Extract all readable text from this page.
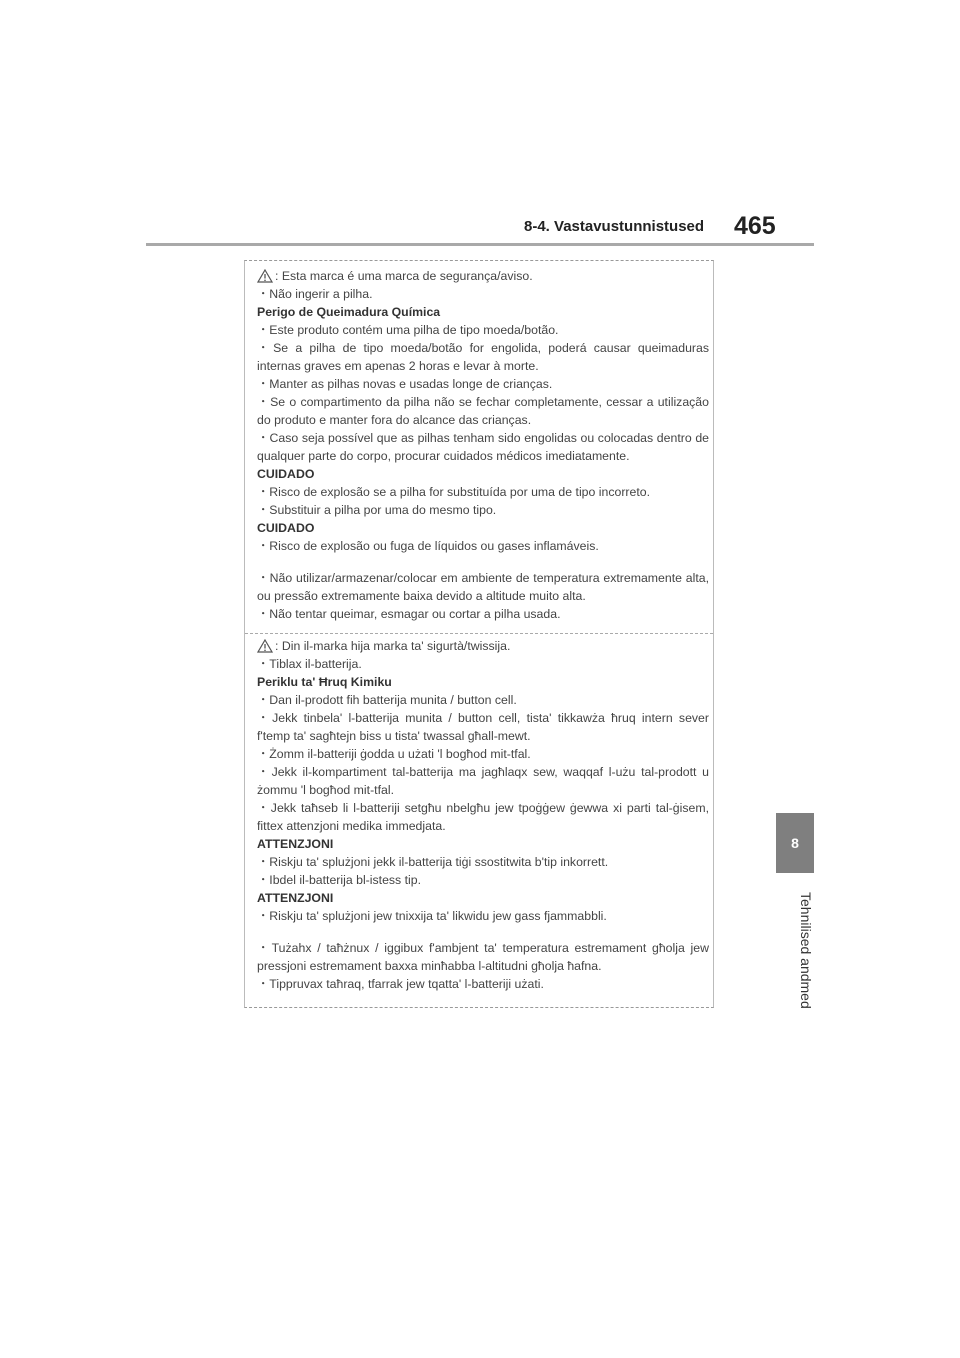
8-4. Vastavustunnistused 465
8
Tehnilised andmed

: Esta marca é uma marca de segurança/aviso.

・Não ingerir a pilha.

Perigo de Queimadura Química

・Este produto contém uma pilha de tipo moeda/botão.

・Se a pilha de tipo moeda/botão for engolida, poderá causar queimaduras internas graves em apenas 2 horas e levar à morte.

・Manter as pilhas novas e usadas longe de crianças.

・Se o compartimento da pilha não se fechar completamente, cessar a utilização do produto e manter fora do alcance das crianças.

・Caso seja possível que as pilhas tenham sido engolidas ou colocadas dentro de qualquer parte do corpo, procurar cuidados médicos imediatamente.

CUIDADO

・Risco de explosão se a pilha for substituída por uma de tipo incorreto.

・Substituir a pilha por uma do mesmo tipo.

CUIDADO

・Risco de explosão ou fuga de líquidos ou gases inflamáveis.

・Não utilizar/armazenar/colocar em ambiente de temperatura extremamente alta, ou pressão extremamente baixa devido a altitude muito alta.

・Não tentar queimar, esmagar ou cortar a pilha usada.

: Din il-marka hija marka ta' sigurtà/twissija.

・Tiblax il-batterija.

Periklu ta' Ħruq Kimiku

・Dan il-prodott fih batterija munita / button cell.

・Jekk tinbela' l-batterija munita / button cell, tista' tikkawża ħruq intern sever f'temp ta' sagħtejn biss u tista' twassal għall-mewt.

・Żomm il-batteriji ġodda u użati 'l bogħod mit-tfal.

・Jekk il-kompartiment tal-batterija ma jagħlaqx sew, waqqaf l-użu tal-prodott u żommu 'l bogħod mit-tfal.

・Jekk taħseb li l-batteriji setgħu nbelgħu jew tpoġġew ġewwa xi parti tal-ġisem, fittex attenzjoni medika immedjata.

ATTENZJONI

・Riskju ta' splużjoni jekk il-batterija tiġi ssostitwita b'tip inkorrett.

・Ibdel il-batterija bl-istess tip.

ATTENZJONI

・Riskju ta' splużjoni jew tnixxija ta' likwidu jew gass fjammabbli.

・Tużahx / taħżnux / iggibux f'ambjent ta' temperatura estremament għolja jew pressjoni estremament baxxa minħabba l-altitudni għolja ħafna.

・Tippruvax taħraq, tfarrak jew tqatta' l-batteriji użati.
